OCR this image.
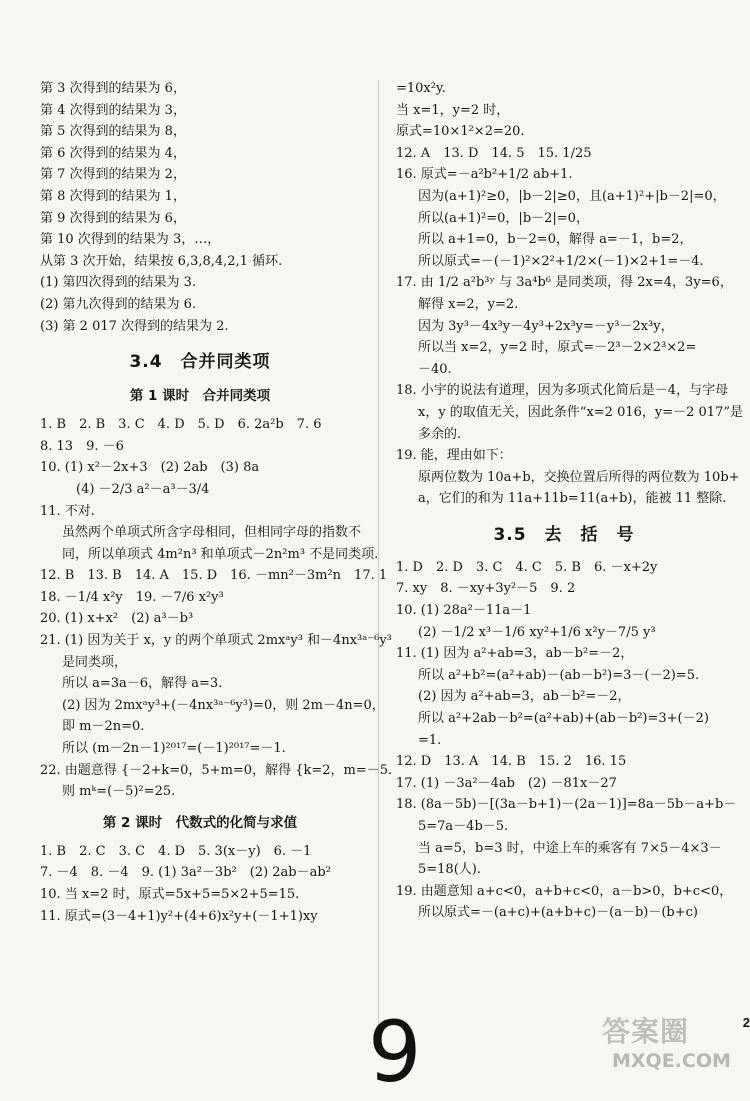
第 3 次得到的结果为 6，
第 4 次得到的结果为 3，
第 5 次得到的结果为 8，
第 6 次得到的结果为 4，
第 7 次得到的结果为 2，
第 8 次得到的结果为 1，
第 9 次得到的结果为 6，
第 10 次得到的结果为 3，…，
从第 3 次开始，结果按 6,3,8,4,2,1 循环.
(1) 第四次得到的结果为 3.
(2) 第九次得到的结果为 6.
(3) 第 2 017 次得到的结果为 2.
3.4　合并同类项
第 1 课时　合并同类项
1. B　2. B　3. C　4. D　5. D　6. 2a²b　7. 6
8. 13　9. －6
10. (1) x²－2x+3　(2) 2ab　(3) 8a
(4) －2/3 a²－a³－3/4
11. 不对.
虽然两个单项式所含字母相同，但相同字母的指数不
同，所以单项式 4m²n³ 和单项式－2n²m³ 不是同类项.
12. B　13. B　14. A　15. D　16. －mn²－3m²n　17. 1
18. －1/4 x²y　19. －7/6 x²y³
20. (1) x+x²　(2) a³－b³
21. (1) 因为关于 x，y 的两个单项式 2mxᵃy³ 和－4nx³ᵃ⁻⁶y³
是同类项，
所以 a=3a－6，解得 a=3.
(2) 因为 2mxᵃy³+(－4nx³ᵃ⁻⁶y³)=0，则 2m－4n=0，
即 m－2n=0.
所以 (m－2n－1)²⁰¹⁷=(－1)²⁰¹⁷=－1.
22. 由题意得 {－2+k=0，5+m=0，解得 {k=2，m=－5.
则 mᵏ=(－5)²=25.
第 2 课时　代数式的化简与求值
1. B　2. C　3. C　4. D　5. 3(x－y)　6. －1
7. －4　8. －4　9. (1) 3a²－3b²　(2) 2ab－ab²
10. 当 x=2 时，原式=5x+5=5×2+5=15.
11. 原式=(3－4+1)y²+(4+6)x²y+(－1+1)xy
=10x²y.
当 x=1，y=2 时，
原式=10×1²×2=20.
12. A　13. D　14. 5　15. 1/25
16. 原式=－a²b²+1/2 ab+1.
因为(a+1)²≥0，|b－2|≥0，且(a+1)²+|b－2|=0，
所以(a+1)²=0，|b－2|=0，
所以 a+1=0，b－2=0，解得 a=－1，b=2，
所以原式=－(－1)²×2²+1/2×(－1)×2+1=－4.
17. 由 1/2 a²b³ʸ 与 3a⁴b⁶ 是同类项，得 2x=4，3y=6，
解得 x=2，y=2.
因为 3y³－4x³y－4y³+2x³y=－y³－2x³y，
所以当 x=2，y=2 时，原式=－2³－2×2³×2=
－40.
18. 小宇的说法有道理，因为多项式化简后是－4，与字母
x，y 的取值无关，因此条件“x=2 016，y=－2 017”是
多余的.
19. 能，理由如下：
原两位数为 10a+b，交换位置后所得的两位数为 10b+
a，它们的和为 11a+11b=11(a+b)，能被 11 整除.
3.5　去　括　号
1. D　2. D　3. C　4. C　5. B　6. －x+2y
7. xy　8. －xy+3y²－5　9. 2
10. (1) 28a²－11a－1
(2) －1/2 x³－1/6 xy²+1/6 x²y－7/5 y³
11. (1) 因为 a²+ab=3，ab－b²=－2，
所以 a²+b²=(a²+ab)－(ab－b²)=3－(－2)=5.
(2) 因为 a²+ab=3，ab－b²=－2，
所以 a²+2ab－b²=(a²+ab)+(ab－b²)=3+(－2)
=1.
12. D　13. A　14. B　15. 2　16. 15
17. (1) －3a²－4ab　(2) －81x－27
18. (8a－5b)－[(3a－b+1)－(2a－1)]=8a－5b－a+b－
5=7a－4b－5.
当 a=5，b=3 时，中途上车的乘客有 7×5－4×3－
5=18(人).
19. 由题意知 a+c<0，a+b+c<0，a－b>0，b+c<0，
所以原式=－(a+c)+(a+b+c)－(a－b)－(b+c)
9	答案圈
MXQE.COM
2
